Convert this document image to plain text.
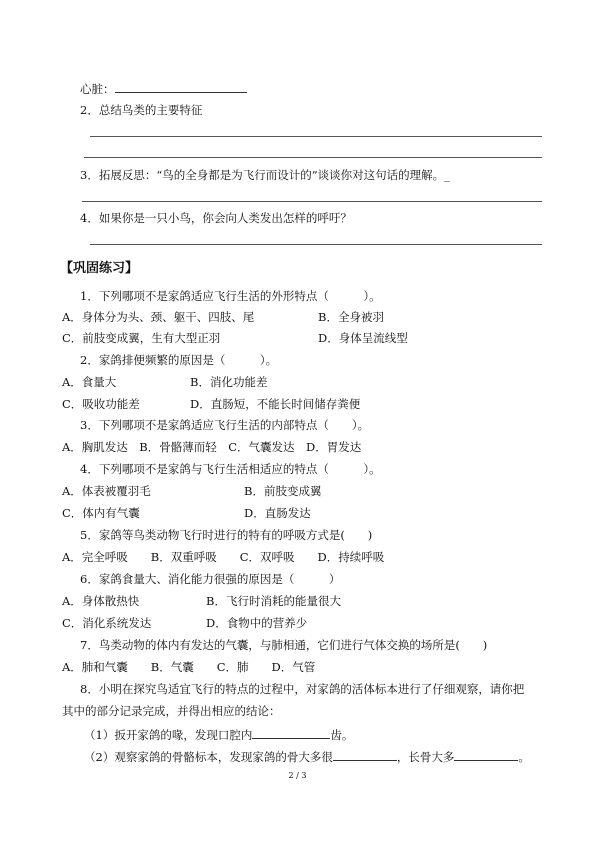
心脏：
2．总结鸟类的主要特征
3．拓展反思：“鸟的全身都是为飞行而设计的”谈谈你对这句话的理解。_
4．如果你是一只小鸟，你会向人类发出怎样的呼吁？
【巩固练习】
1．下列哪项不是家鸽适应飞行生活的外形特点（　　　）。
A．身体分为头、颈、躯干、四肢、尾	B．全身被羽
C．前肢变成翼，生有大型正羽	D．身体呈流线型
2．家鸽排便频繁的原因是（　　　）。
A．食量大	B．消化功能差
C．吸收功能差	D．直肠短，不能长时间储存粪便
3．下列哪项不是家鸽适应飞行生活的内部特点（　　）。
A．胸肌发达　B．骨骼薄而轻　C．气囊发达　D．胃发达
4．下列哪项不是家鸽与飞行生活相适应的特点（　　　）。
A．体表被覆羽毛	B．前肢变成翼
C．体内有气囊	D．直肠发达
5．家鸽等鸟类动物飞行时进行的特有的呼吸方式是(　　)
A．完全呼吸　　B．双重呼吸　　C．双呼吸　　D．持续呼吸
6．家鸽食量大、消化能力很强的原因是（　　　）
A．身体散热快	B．飞行时消耗的能量很大
C．消化系统发达	D．食物中的营养少
7．鸟类动物的体内有发达的气囊，与肺相通，它们进行气体交换的场所是(　　)
A．肺和气囊　　B．气囊　　C．肺　　D．气管
8．小明在探究鸟适宜飞行的特点的过程中，对家鸽的活体标本进行了仔细观察，请你把
其中的部分记录完成，并得出相应的结论：
（1）扳开家鸽的喙，发现口腔内	齿。
（2）观察家鸽的骨骼标本，发现家鸽的骨大多很	，长骨大多	。
2 / 3
